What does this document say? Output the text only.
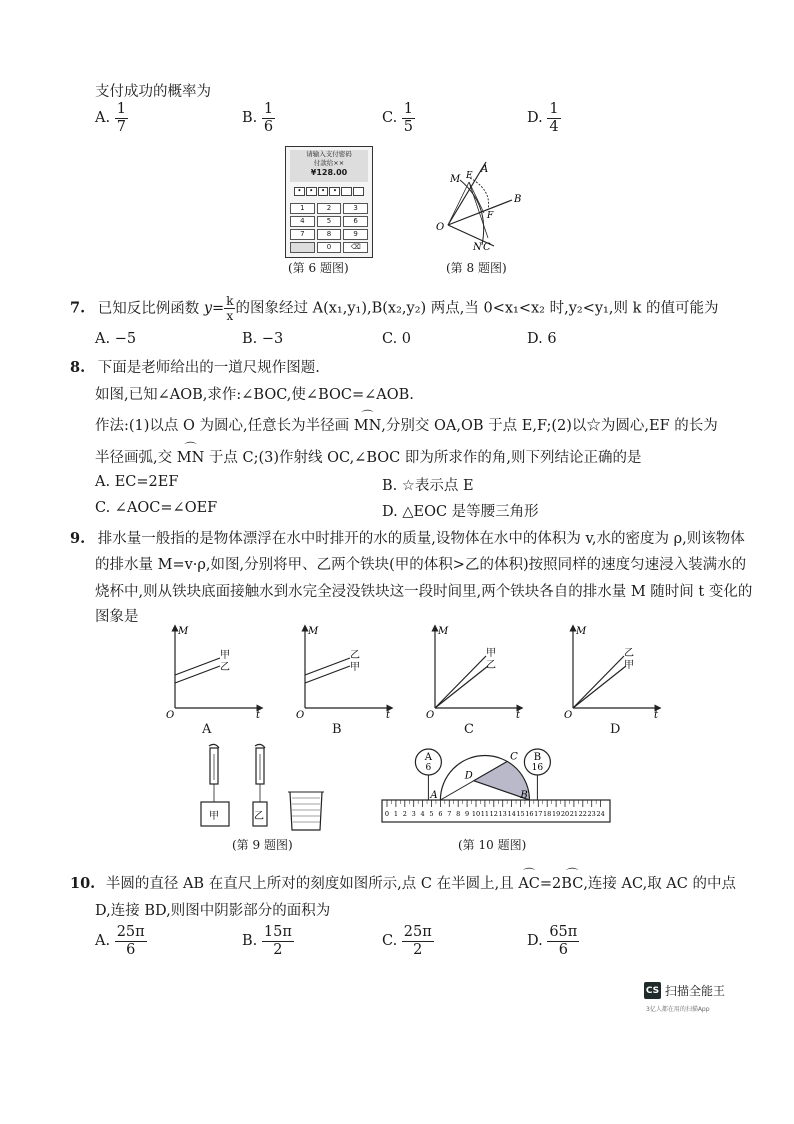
支付成功的概率为
A. $\frac{1}{7}$	B. $\frac{1}{6}$	C. $\frac{1}{5}$	D. $\frac{1}{4}$
请输入支付密码
付款给××
¥128.00
•	•	•	•
1	2	3
4	5	6
7	8	9
0	⌫
(第 6 题图)
M E
A
B
O
F
N C
(第 8 题图)
7. 已知反比例函数 $y= \frac{k}{x}$ 的图象经过 A(x₁,y₁),B(x₂,y₂) 两点,当 0<x₁<x₂ 时,y₂<y₁,则 k 的值可能为
A. −5	B. −3	C. 0	D. 6
8. 下面是老师给出的一道尺规作图题.
如图,已知∠AOB,求作:∠BOC,使∠BOC=∠AOB.
作法:(1)以点 O 为圆心,任意长为半径画 ⌒ MN,分别交 OA,OB 于点 E,F;(2)以☆为圆心,EF 的长为
半径画弧,交 ⌒ MN 于点 C;(3)作射线 OC,∠BOC 即为所求作的角,则下列结论正确的是
A. EC=2EF	B. ☆表示点 E
C. ∠AOC=∠OEF	D. △EOC 是等腰三角形
9. 排水量一般指的是物体漂浮在水中时排开的水的质量,设物体在水中的体积为 v,水的密度为 ρ,则该物体
的排水量 M=v·ρ,如图,分别将甲、乙两个铁块(甲的体积>乙的体积)按照同样的速度匀速浸入装满水的
烧杯中,则从铁块底面接触水到水完全浸没铁块这一段时间里,两个铁块各自的排水量 M 随时间 t 变化的
图象是
M
t
O
甲
乙
A
M
t
O
乙
甲
B
M
t
O
甲
乙
C
M
t
O
乙
甲
D
甲	乙
(第 9 题图)
0 1 2 3 4 5 6 7 8 9 10 11 12 13 14 15 16 17 18 19 20 21 22 23 24
A
6
B
16
A	B
C
D
(第 10 题图)
10. 半圆的直径 AB 在直尺上所对的刻度如图所示,点 C 在半圆上,且 ⌒ AC=2⌒ BC,连接 AC,取 AC 的中点
D,连接 BD,则图中阴影部分的面积为
A. $\frac{25\pi}{6}$	B. $\frac{15\pi}{2}$	C. $\frac{25\pi}{2}$	D. $\frac{65\pi}{6}$
CS 扫描全能王
3亿人都在用的扫描App
